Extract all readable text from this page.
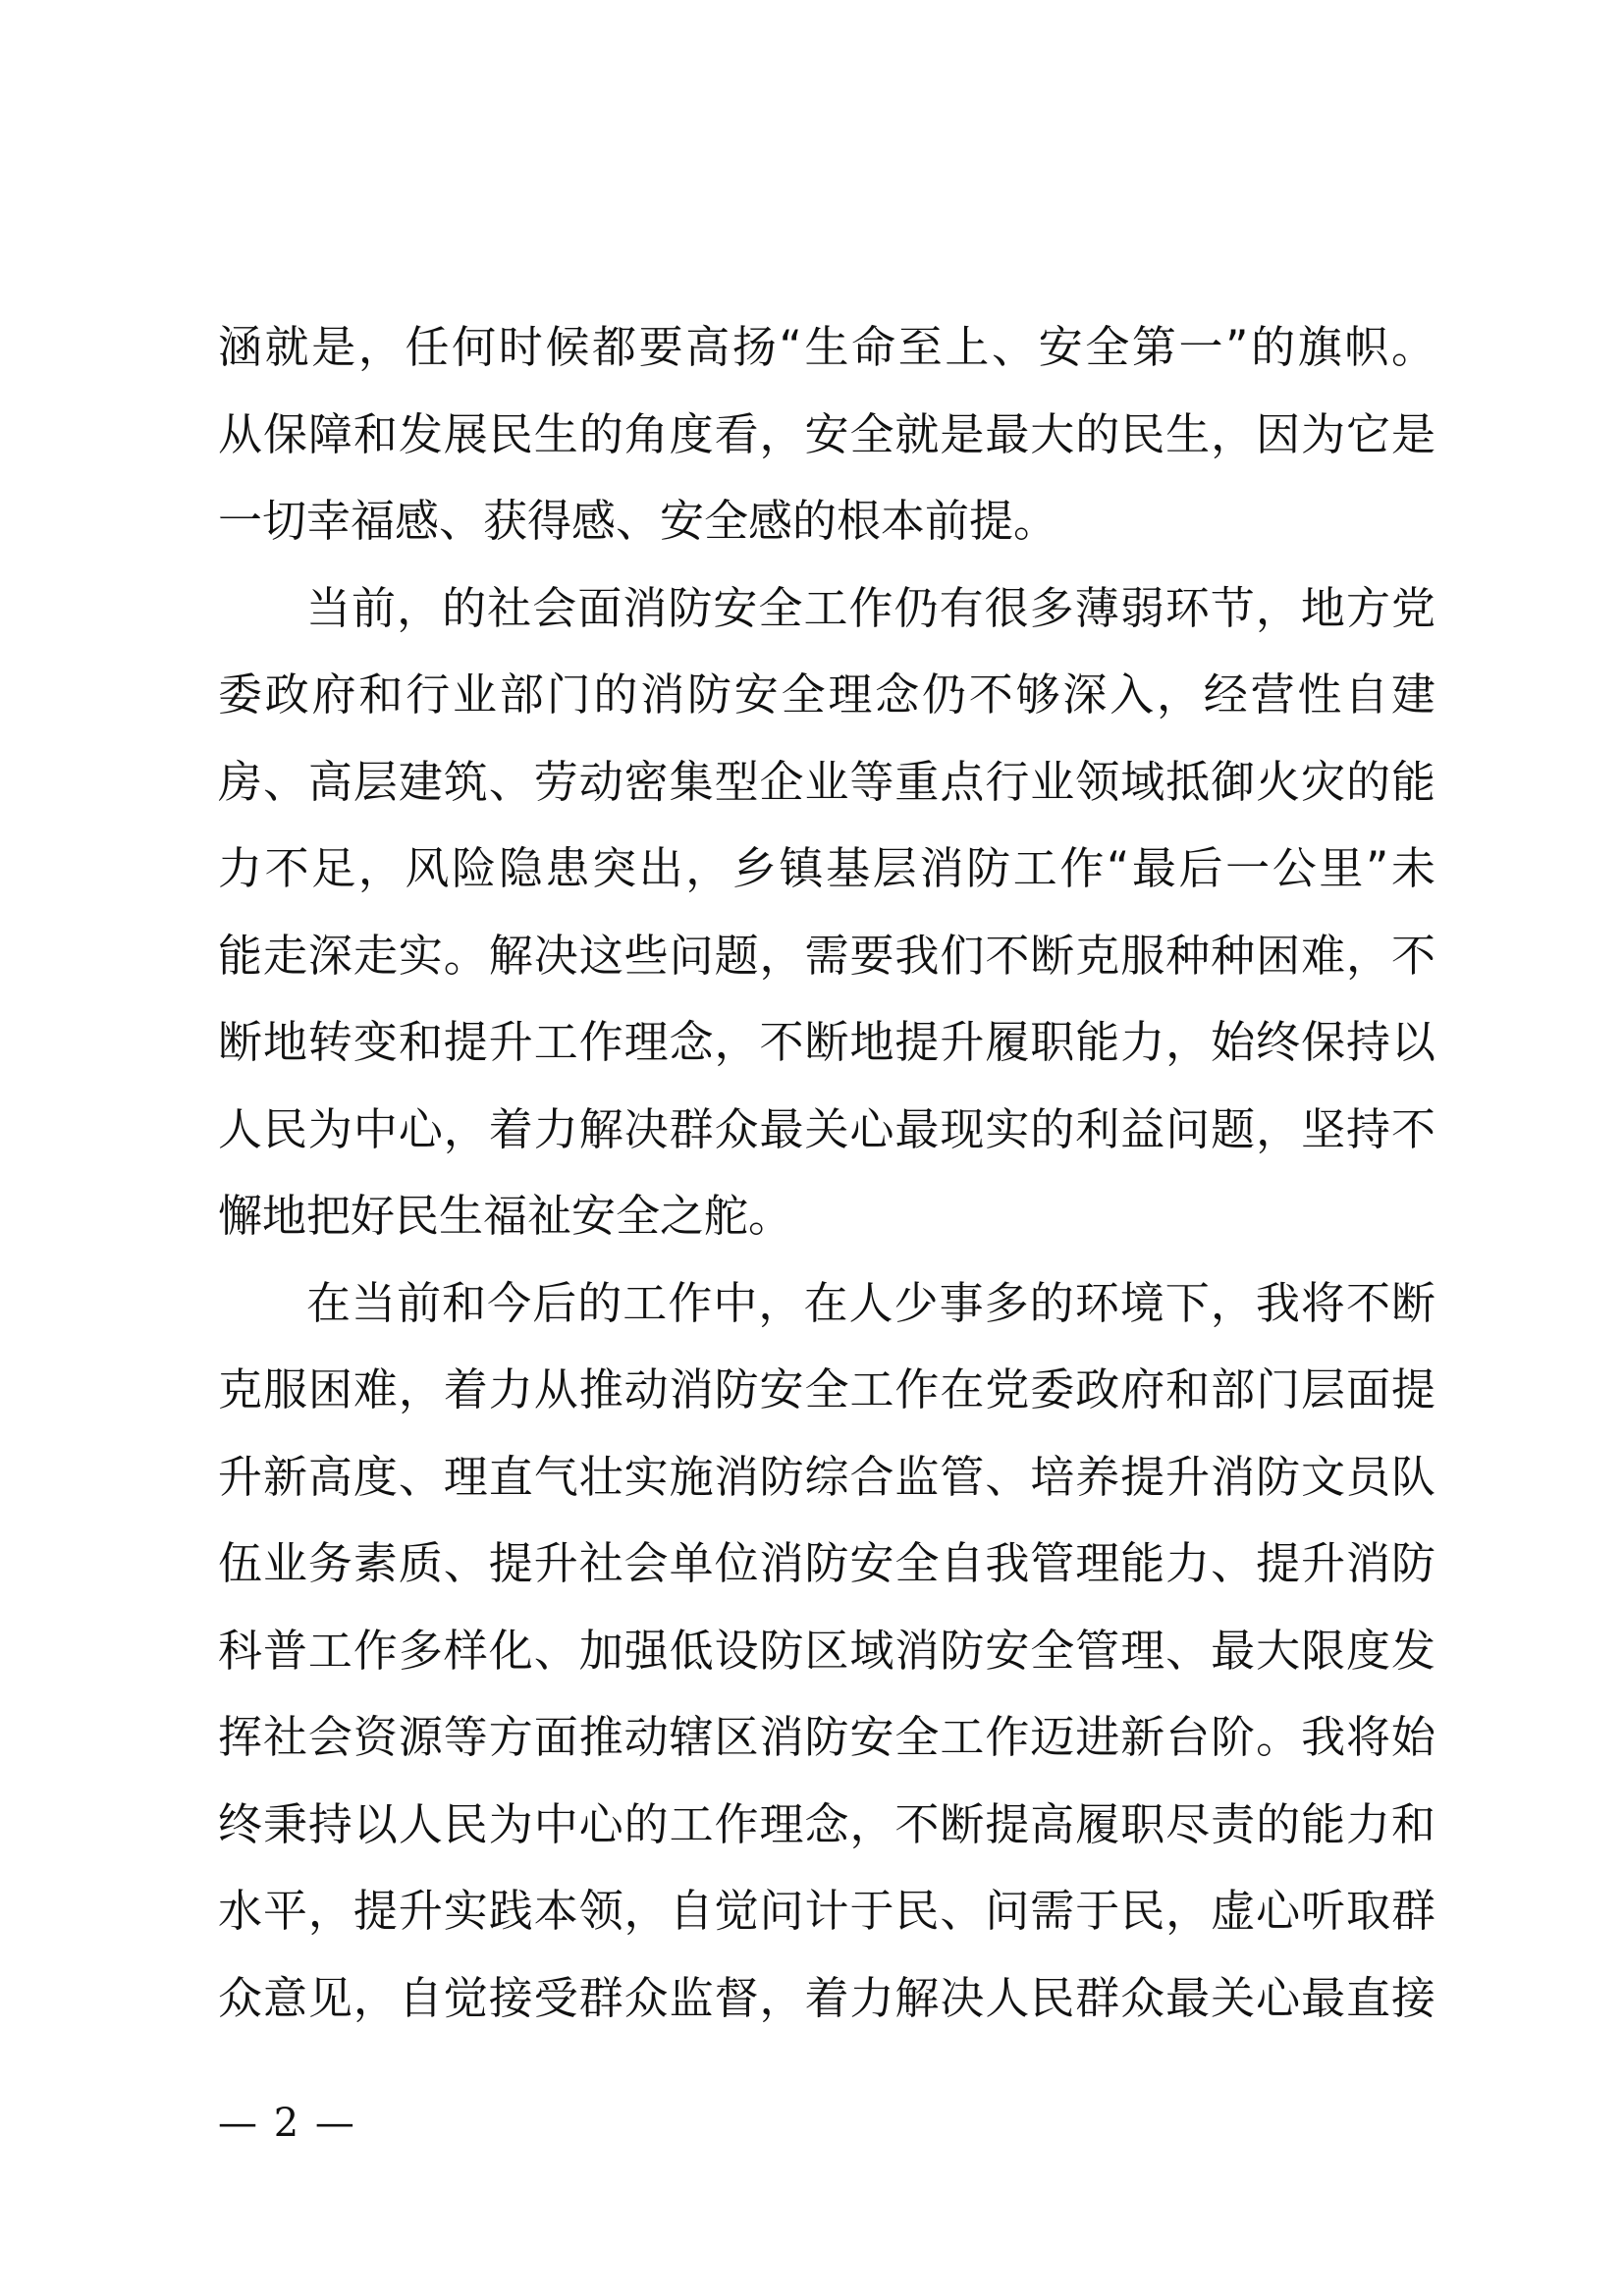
涵就是，任何时候都要高扬“生命至上、安全第一”的旗帜。
从保障和发展民生的角度看，安全就是最大的民生，因为它是
一切幸福感、获得感、安全感的根本前提。
当前，的社会面消防安全工作仍有很多薄弱环节，地方党
委政府和行业部门的消防安全理念仍不够深入，经营性自建
房、高层建筑、劳动密集型企业等重点行业领域抵御火灾的能
力不足，风险隐患突出，乡镇基层消防工作“最后一公里”未
能走深走实。解决这些问题，需要我们不断克服种种困难，不
断地转变和提升工作理念，不断地提升履职能力，始终保持以
人民为中心，着力解决群众最关心最现实的利益问题，坚持不
懈地把好民生福祉安全之舵。
在当前和今后的工作中，在人少事多的环境下，我将不断
克服困难，着力从推动消防安全工作在党委政府和部门层面提
升新高度、理直气壮实施消防综合监管、培养提升消防文员队
伍业务素质、提升社会单位消防安全自我管理能力、提升消防
科普工作多样化、加强低设防区域消防安全管理、最大限度发
挥社会资源等方面推动辖区消防安全工作迈进新台阶。我将始
终秉持以人民为中心的工作理念，不断提高履职尽责的能力和
水平，提升实践本领，自觉问计于民、问需于民，虚心听取群
众意见，自觉接受群众监督，着力解决人民群众最关心最直接
— 2 —
